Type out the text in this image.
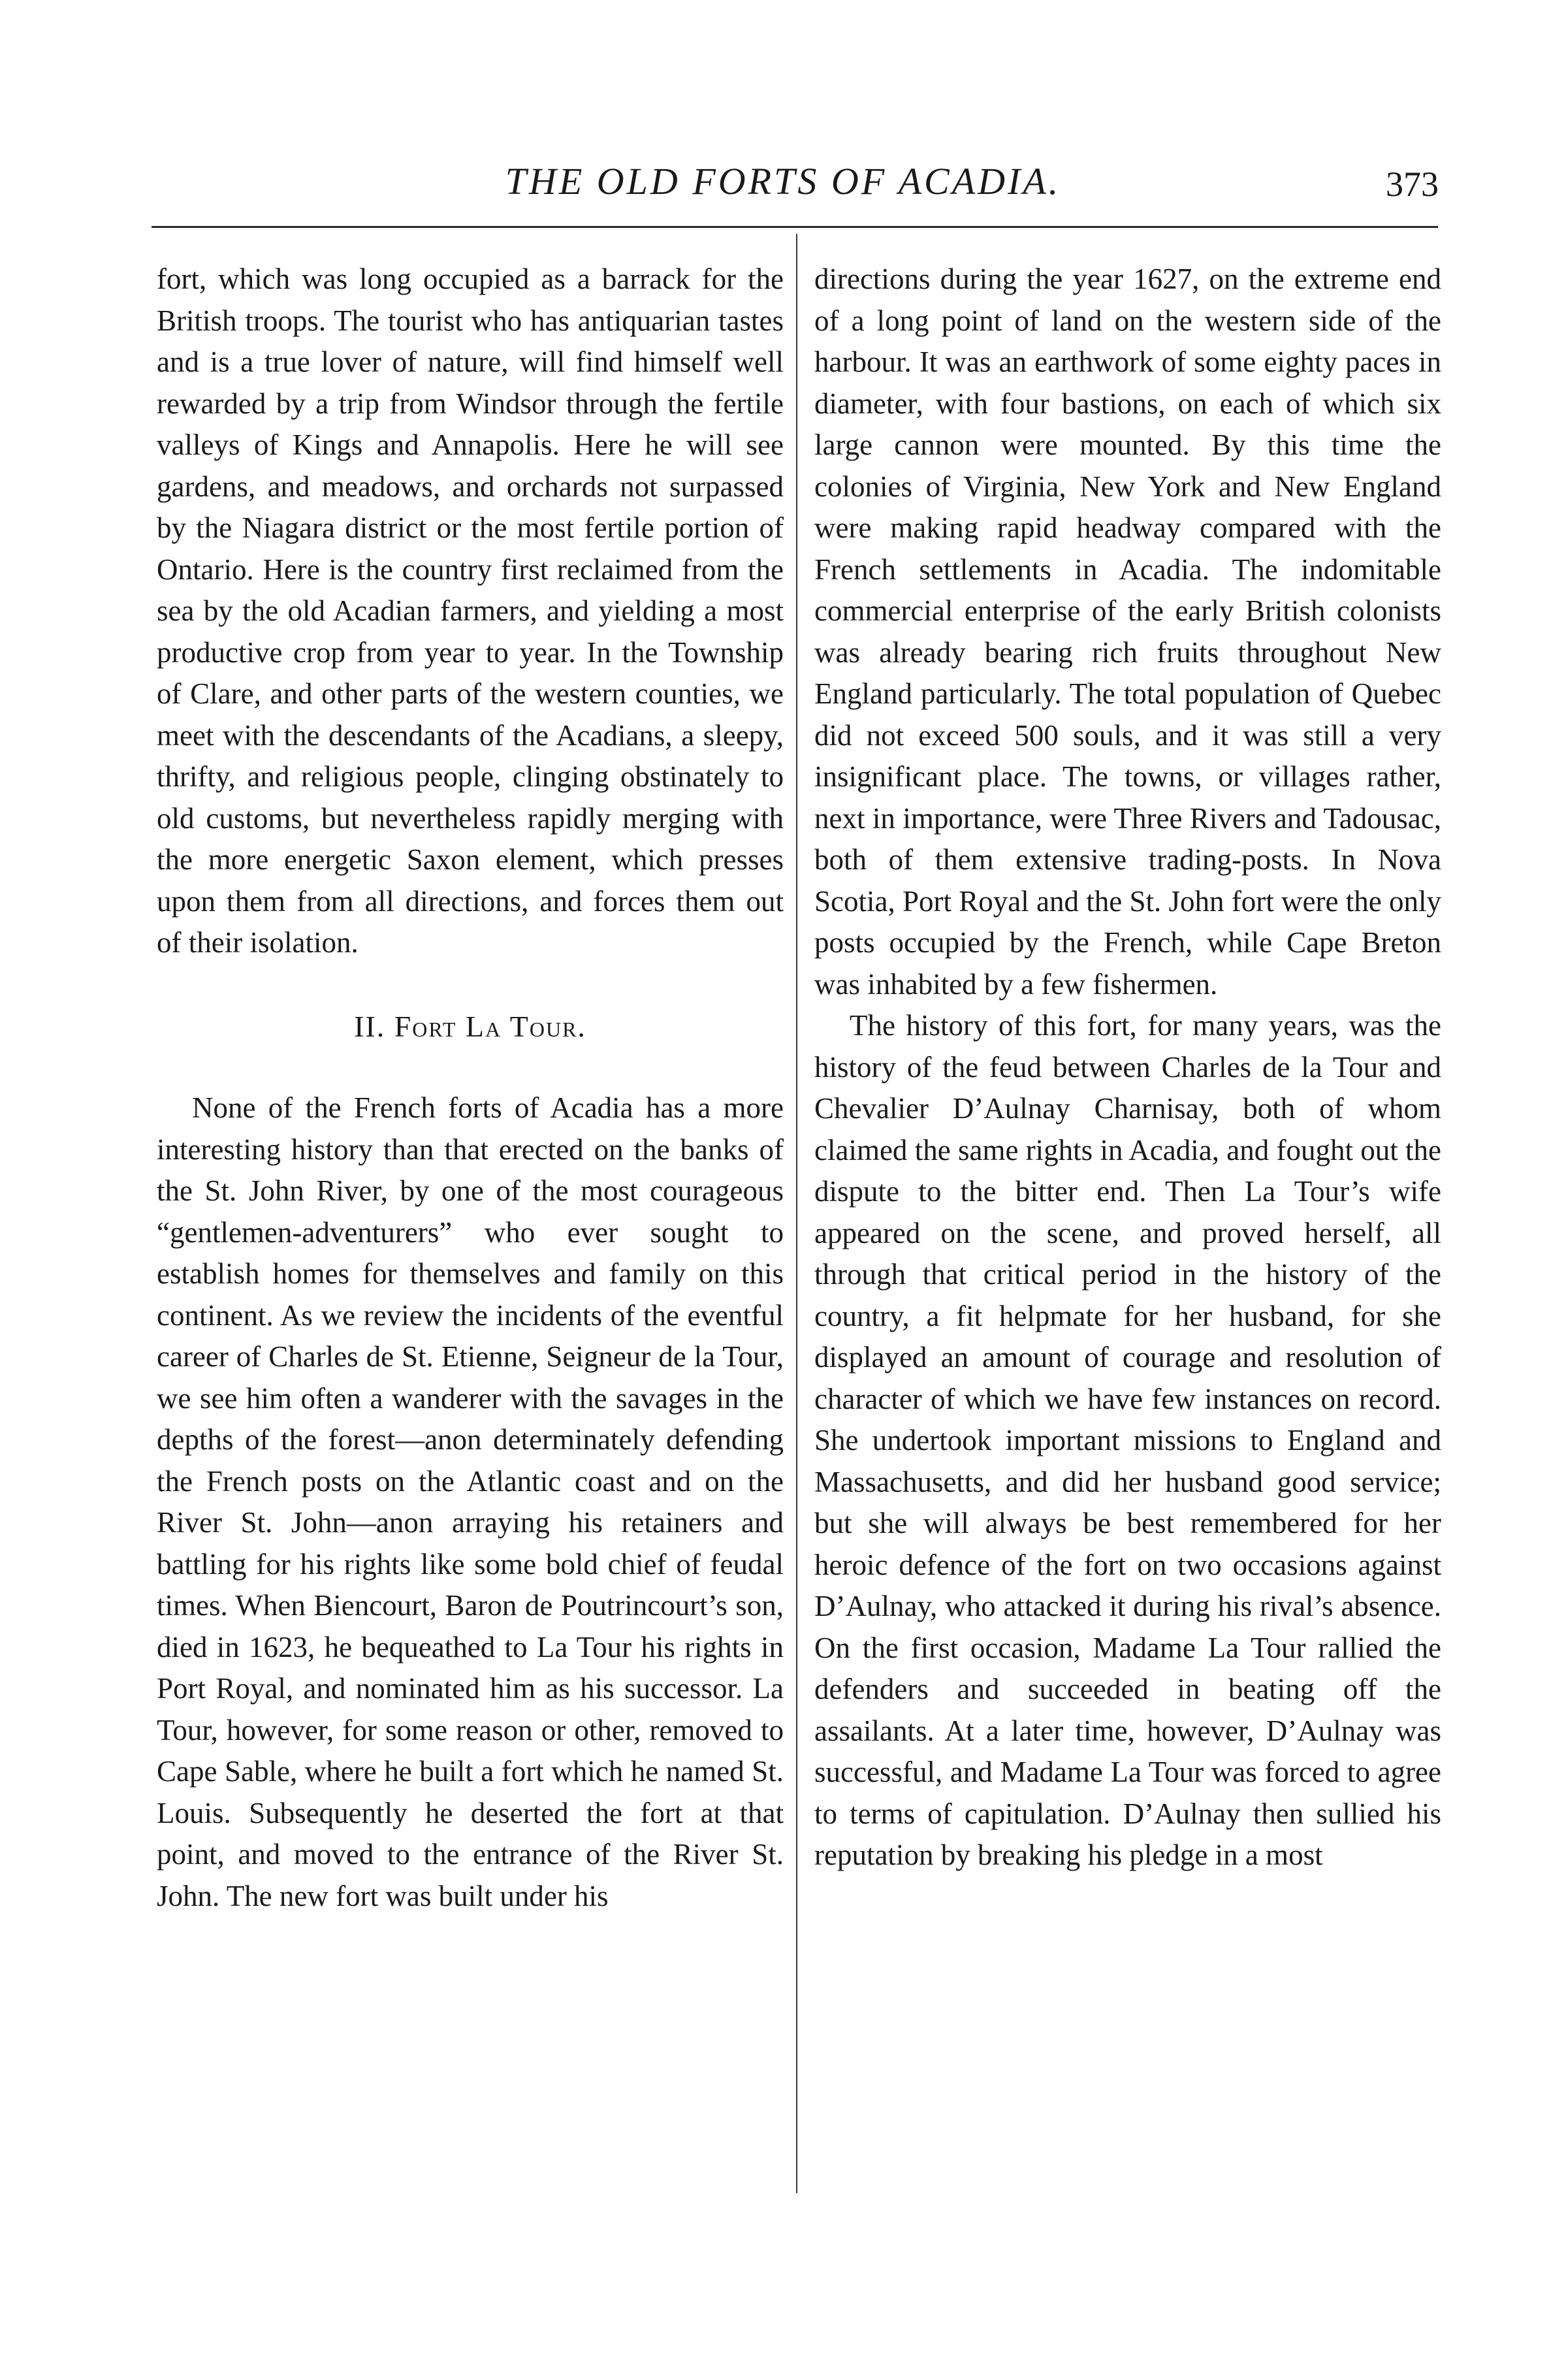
THE OLD FORTS OF ACADIA.	373

fort, which was long occupied as a barrack for the British troops. The tourist who has antiquarian tastes and is a true lover of nature, will find himself well rewarded by a trip from Windsor through the fertile valleys of Kings and Annapolis. Here he will see gardens, and meadows, and orchards not surpassed by the Niagara district or the most fertile portion of Ontario. Here is the country first reclaimed from the sea by the old Acadian farmers, and yielding a most productive crop from year to year. In the Township of Clare, and other parts of the western counties, we meet with the descendants of the Acadians, a sleepy, thrifty, and religious people, clinging obstinately to old customs, but nevertheless rapidly merging with the more energetic Saxon element, which presses upon them from all directions, and forces them out of their isolation.

II. Fort La Tour.

None of the French forts of Acadia has a more interesting history than that erected on the banks of the St. John River, by one of the most courageous “gentlemen-adventurers” who ever sought to establish homes for themselves and family on this continent. As we review the incidents of the eventful career of Charles de St. Etienne, Seigneur de la Tour, we see him often a wanderer with the savages in the depths of the forest—anon determinately defending the French posts on the Atlantic coast and on the River St. John—anon arraying his retainers and battling for his rights like some bold chief of feudal times. When Biencourt, Baron de Poutrincourt’s son, died in 1623, he bequeathed to La Tour his rights in Port Royal, and nominated him as his successor. La Tour, however, for some reason or other, removed to Cape Sable, where he built a fort which he named St. Louis. Subsequently he deserted the fort at that point, and moved to the entrance of the River St. John. The new fort was built under his

directions during the year 1627, on the extreme end of a long point of land on the western side of the harbour. It was an earthwork of some eighty paces in diameter, with four bastions, on each of which six large cannon were mounted. By this time the colonies of Virginia, New York and New England were making rapid headway compared with the French settlements in Acadia. The indomitable commercial enterprise of the early British colonists was already bearing rich fruits throughout New England particularly. The total population of Quebec did not exceed 500 souls, and it was still a very insignificant place. The towns, or villages rather, next in importance, were Three Rivers and Tadousac, both of them extensive trading-posts. In Nova Scotia, Port Royal and the St. John fort were the only posts occupied by the French, while Cape Breton was inhabited by a few fishermen.

The history of this fort, for many years, was the history of the feud between Charles de la Tour and Chevalier D’Aulnay Charnisay, both of whom claimed the same rights in Acadia, and fought out the dispute to the bitter end. Then La Tour’s wife appeared on the scene, and proved herself, all through that critical period in the history of the country, a fit helpmate for her husband, for she displayed an amount of courage and resolution of character of which we have few instances on record. She undertook important missions to England and Massachusetts, and did her husband good service; but she will always be best remembered for her heroic defence of the fort on two occasions against D’Aulnay, who attacked it during his rival’s absence. On the first occasion, Madame La Tour rallied the defenders and succeeded in beating off the assailants. At a later time, however, D’Aulnay was successful, and Madame La Tour was forced to agree to terms of capitulation. D’Aulnay then sullied his reputation by breaking his pledge in a most
